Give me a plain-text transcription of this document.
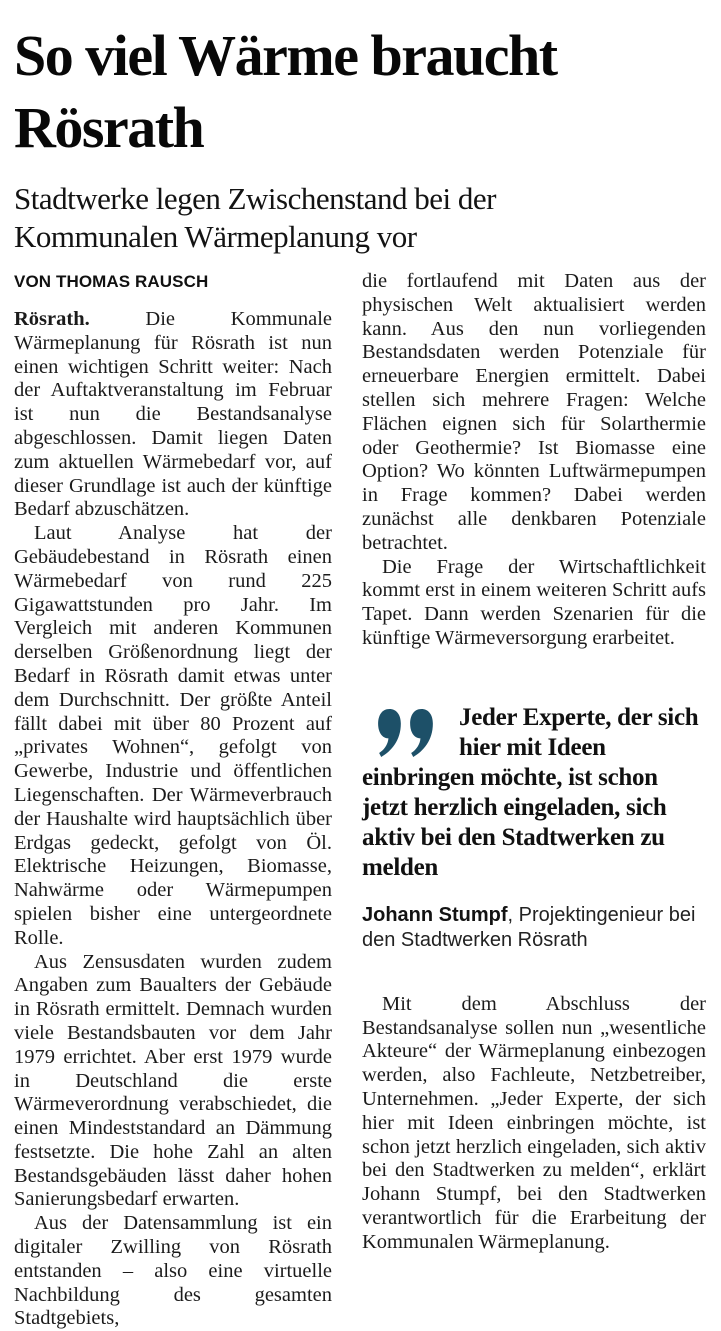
So viel Wärme braucht Rösrath
Stadtwerke legen Zwischenstand bei der Kommunalen Wärmeplanung vor
VON THOMAS RAUSCH

Rösrath.	Die Kommunale Wärmeplanung für Rösrath ist nun einen wichtigen Schritt weiter: Nach der Auftaktveranstaltung im Februar ist nun die Bestandsanalyse abgeschlossen. Damit liegen Daten zum aktuellen Wärmebedarf vor, auf dieser Grundlage ist auch der künftige Bedarf abzuschätzen.

Laut Analyse hat der Gebäudebestand in Rösrath einen Wärmebedarf von rund 225 Gigawattstunden pro Jahr. Im Vergleich mit anderen Kommunen derselben Größenordnung liegt der Bedarf in Rösrath damit etwas unter dem Durchschnitt. Der größte Anteil fällt dabei mit über 80 Prozent auf „privates Wohnen“, gefolgt von Gewerbe, Industrie und öffentlichen Liegenschaften. Der Wärmeverbrauch der Haushalte wird hauptsächlich über Erdgas gedeckt, gefolgt von Öl. Elektrische Heizungen, Biomasse, Nahwärme oder Wärmepumpen spielen bisher eine untergeordnete Rolle.

Aus Zensusdaten wurden zudem Angaben zum Baualters der Gebäude in Rösrath ermittelt. Demnach wurden viele Bestandsbauten vor dem Jahr 1979 errichtet. Aber erst 1979 wurde in Deutschland die erste Wärmeverordnung verabschiedet, die einen Mindeststandard an Dämmung festsetzte. Die hohe Zahl an alten Bestandsgebäuden lässt daher hohen Sanierungsbedarf erwarten.

Aus der Datensammlung ist ein digitaler Zwilling von Rösrath entstanden – also eine virtuelle Nachbildung des gesamten Stadtgebiets,

die fortlaufend mit Daten aus der physischen Welt aktualisiert werden kann. Aus den nun vorliegenden Bestandsdaten werden Potenziale für erneuerbare Energien ermittelt. Dabei stellen sich mehrere Fragen: Welche Flächen eignen sich für Solarthermie oder Geothermie? Ist Biomasse eine Option? Wo könnten Luftwärmepumpen in Frage kommen? Dabei werden zunächst alle denkbaren Potenziale betrachtet.

Die Frage der Wirtschaftlichkeit kommt erst in einem weiteren Schritt aufs Tapet. Dann werden Szenarien für die künftige Wärmeversorgung erarbeitet.

Jeder Experte, der sich hier mit Ideen einbringen möchte, ist schon jetzt herzlich eingeladen, sich aktiv bei den Stadtwerken zu melden
Johann Stumpf, Projektingenieur bei den Stadtwerken Rösrath

Mit dem Abschluss der Bestandsanalyse sollen nun „wesentliche Akteure“ der Wärmeplanung einbezogen werden, also Fachleute, Netzbetreiber, Unternehmen. „Jeder Experte, der sich hier mit Ideen einbringen möchte, ist schon jetzt herzlich eingeladen, sich aktiv bei den Stadtwerken zu melden“, erklärt Johann Stumpf, bei den Stadtwerken verantwortlich für die Erarbeitung der Kommunalen Wärmeplanung.
